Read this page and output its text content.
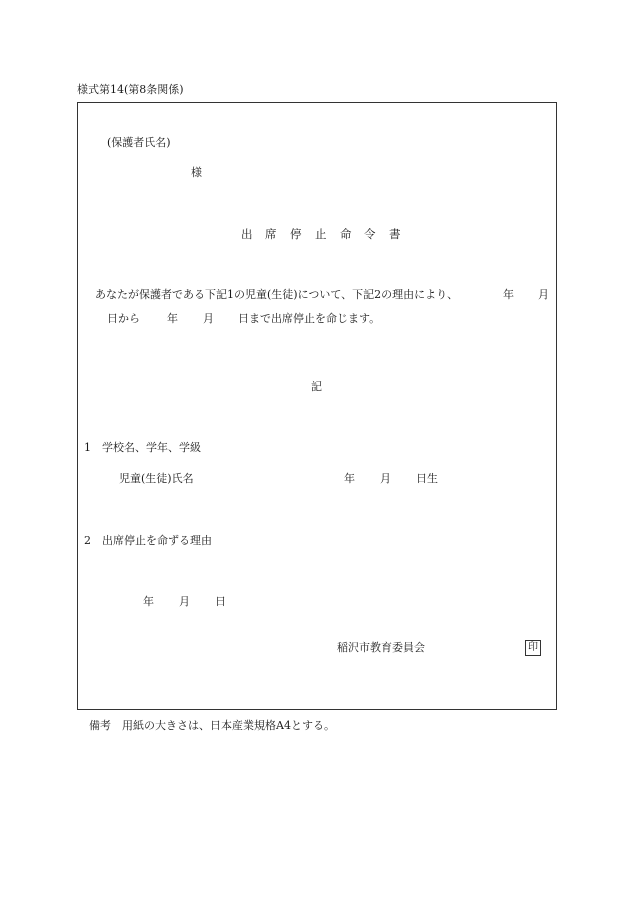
様式第14(第8条関係)
(保護者氏名)
様
出 席 停 止 命 令 書
あなたが保護者である下記1の児童(生徒)について、下記2の理由により、	年 月
日から 年 月 日まで出席停止を命じます。
記
1　学校名、学年、学級
児童(生徒)氏名	年 月 日生
2　出席停止を命ずる理由
年 月 日
稲沢市教育委員会	印
備考　用紙の大きさは、日本産業規格A4とする。
